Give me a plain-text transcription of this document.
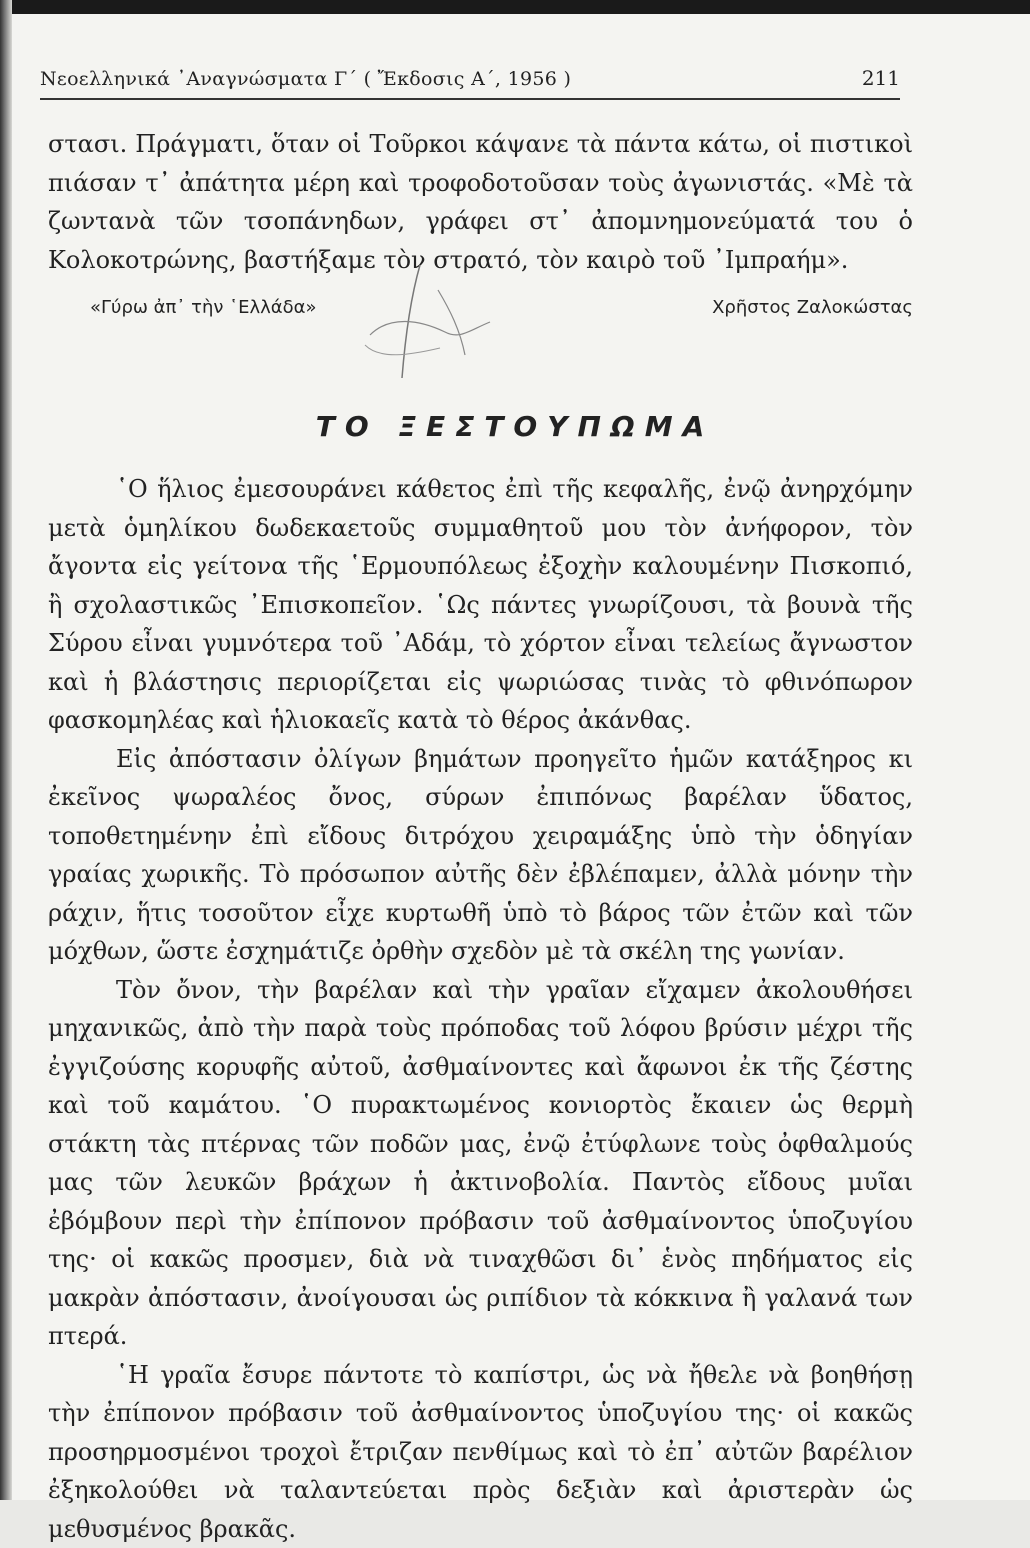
Νεοελληνικά ᾿Αναγνώσματα Γ΄ ( Ἔκδοσις Α΄, 1956 )	211

στασι. Πράγματι, ὅταν οἱ Τοῦρκοι κάψανε τὰ πάντα κάτω, οἱ πιστικοὶ πιάσαν τ᾿ ἀπάτητα μέρη καὶ τροφοδοτοῦσαν τοὺς ἀγωνιστάς. «Μὲ τὰ ζωντανὰ τῶν τσοπάνηδων, γράφει στ᾿ ἀπομνημονεύματά του ὁ Κολοκοτρώνης, βαστήξαμε τὸν στρατό, τὸν καιρὸ τοῦ ᾿Ιμπραήμ».

«Γύρω ἀπ᾿ τὴν ῾Ελλάδα»	Χρῆστος Ζαλοκώστας
ΤΟ ΞΕΣΤΟΥΠΩΜΑ

῾Ο ἥλιος ἐμεσουράνει κάθετος ἐπὶ τῆς κεφαλῆς, ἐνῷ ἀνηρχόμην μετὰ ὁμηλίκου δωδεκαετοῦς συμμαθητοῦ μου τὸν ἀνήφορον, τὸν ἄγοντα εἰς γείτονα τῆς ῾Ερμουπόλεως ἐξοχὴν καλουμένην Πισκοπιό, ἢ σχολαστικῶς ᾿Επισκοπεῖον. ῾Ως πάντες γνωρίζουσι, τὰ βουνὰ τῆς Σύρου εἶναι γυμνότερα τοῦ ᾿Αδάμ, τὸ χόρτον εἶναι τελείως ἄγνωστον καὶ ἡ βλάστησις περιορίζεται εἰς ψωριώσας τινὰς τὸ φθινόπωρον φασκομηλέας καὶ ἡλιοκαεῖς κατὰ τὸ θέρος ἀκάνθας.

Εἰς ἀπόστασιν ὀλίγων βημάτων προηγεῖτο ἡμῶν κατάξηρος κι ἐκεῖνος ψωραλέος ὄνος, σύρων ἐπιπόνως βαρέλαν ὕδατος, τοποθετημένην ἐπὶ εἴδους διτρόχου χειραμάξης ὑπὸ τὴν ὁδηγίαν γραίας χωρικῆς. Τὸ πρόσωπον αὐτῆς δὲν ἐβλέπαμεν, ἀλλὰ μόνην τὴν ράχιν, ἥτις τοσοῦτον εἶχε κυρτωθῆ ὑπὸ τὸ βάρος τῶν ἐτῶν καὶ τῶν μόχθων, ὥστε ἐσχημάτιζε ὀρθὴν σχεδὸν μὲ τὰ σκέλη της γωνίαν.

Τὸν ὄνον, τὴν βαρέλαν καὶ τὴν γραῖαν εἴχαμεν ἀκολουθήσει μηχανικῶς, ἀπὸ τὴν παρὰ τοὺς πρόποδας τοῦ λόφου βρύσιν μέχρι τῆς ἐγγιζούσης κορυφῆς αὐτοῦ, ἀσθμαίνοντες καὶ ἄφωνοι ἐκ τῆς ζέστης καὶ τοῦ καμάτου. ῾Ο πυρακτωμένος κονιορτὸς ἔκαιεν ὡς θερμὴ στάκτη τὰς πτέρνας τῶν ποδῶν μας, ἐνῷ ἐτύφλωνε τοὺς ὀφθαλμούς μας τῶν λευκῶν βράχων ἡ ἀκτινοβολία. Παντὸς εἴδους μυῖαι ἐβόμβουν περὶ τὴν ἐπίπονον πρόβασιν τοῦ ἀσθμαίνοντος ὑποζυγίου της· οἱ κακῶς προσμεν, διὰ νὰ τιναχθῶσι δι᾿ ἑνὸς πηδήματος εἰς μακρὰν ἀπόστασιν, ἀνοίγουσαι ὡς ριπίδιον τὰ κόκκινα ἢ γαλανά των πτερά.

῾Η γραῖα ἔσυρε πάντοτε τὸ καπίστρι, ὡς νὰ ἤθελε νὰ βοηθήσῃ τὴν ἐπίπονον πρόβασιν τοῦ ἀσθμαίνοντος ὑποζυγίου της· οἱ κακῶς προσηρμοσμένοι τροχοὶ ἔτριζαν πενθίμως καὶ τὸ ἐπ᾿ αὐτῶν βαρέλιον ἐξηκολούθει νὰ ταλαντεύεται πρὸς δεξιὰν καὶ ἀριστερὰν ὡς μεθυσμένος βρακᾶς.
